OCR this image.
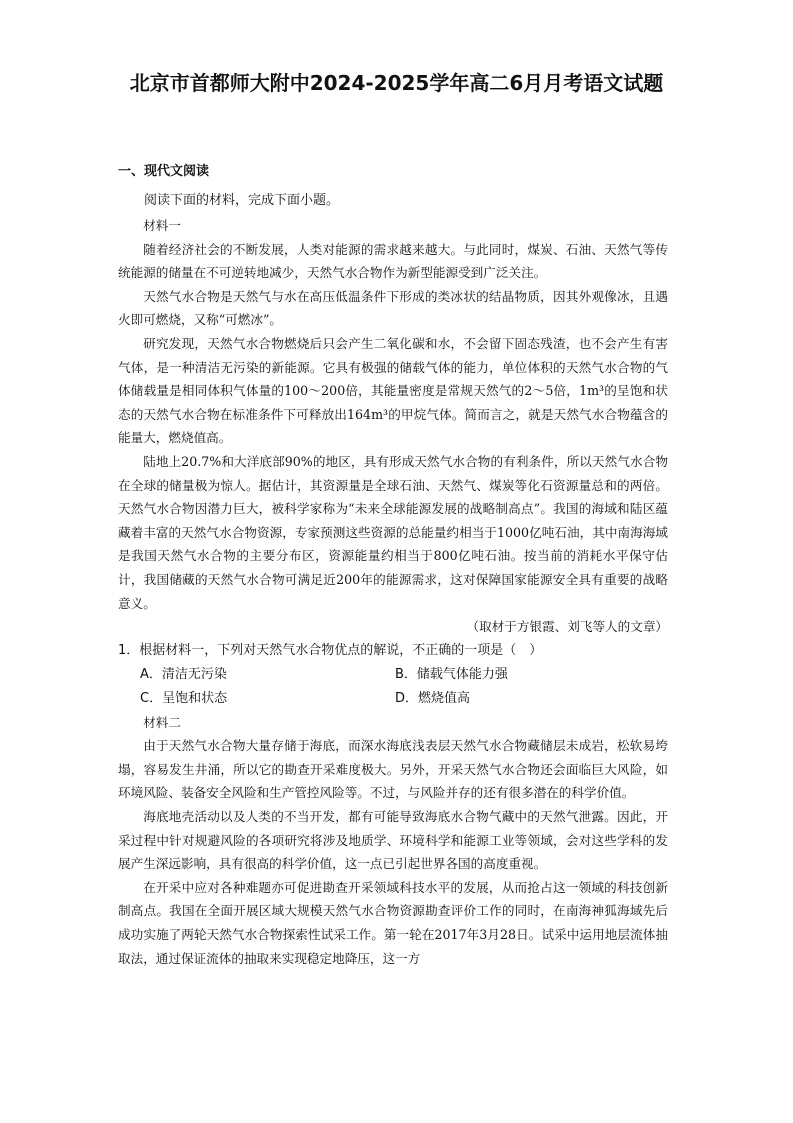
北京市首都师大附中2024-2025学年高二6月月考语文试题
一、现代文阅读

阅读下面的材料，完成下面小题。

材料一

随着经济社会的不断发展，人类对能源的需求越来越大。与此同时，煤炭、石油、天然气等传统能源的储量在不可逆转地减少，天然气水合物作为新型能源受到广泛关注。

天然气水合物是天然气与水在高压低温条件下形成的类冰状的结晶物质，因其外观像冰，且遇火即可燃烧，又称“可燃冰”。

研究发现，天然气水合物燃烧后只会产生二氧化碳和水，不会留下固态残渣，也不会产生有害气体，是一种清洁无污染的新能源。它具有极强的储载气体的能力，单位体积的天然气水合物的气体储载量是相同体积气体量的100～200倍，其能量密度是常规天然气的2～5倍，1m³的呈饱和状态的天然气水合物在标准条件下可释放出164m³的甲烷气体。简而言之，就是天然气水合物蕴含的能量大，燃烧值高。

陆地上20.7%和大洋底部90%的地区，具有形成天然气水合物的有利条件，所以天然气水合物在全球的储量极为惊人。据估计，其资源量是全球石油、天然气、煤炭等化石资源量总和的两倍。天然气水合物因潜力巨大，被科学家称为“未来全球能源发展的战略制高点”。我国的海域和陆区蕴藏着丰富的天然气水合物资源，专家预测这些资源的总能量约相当于1000亿吨石油，其中南海海域是我国天然气水合物的主要分布区，资源能量约相当于800亿吨石油。按当前的消耗水平保守估计，我国储藏的天然气水合物可满足近200年的能源需求，这对保障国家能源安全具有重要的战略意义。

（取材于方银霞、刘飞等人的文章）

1．根据材料一，下列对天然气水合物优点的解说，不正确的一项是（　）

A．清洁无污染	B．储载气体能力强
C．呈饱和状态	D．燃烧值高

材料二

由于天然气水合物大量存储于海底，而深水海底浅表层天然气水合物藏储层未成岩，松软易垮塌，容易发生井涌，所以它的勘查开采难度极大。另外，开采天然气水合物还会面临巨大风险，如环境风险、装备安全风险和生产管控风险等。不过，与风险并存的还有很多潜在的科学价值。

海底地壳活动以及人类的不当开发，都有可能导致海底水合物气藏中的天然气泄露。因此，开采过程中针对规避风险的各项研究将涉及地质学、环境科学和能源工业等领域，会对这些学科的发展产生深远影响，具有很高的科学价值，这一点已引起世界各国的高度重视。

在开采中应对各种难题亦可促进勘查开采领域科技水平的发展，从而抢占这一领域的科技创新制高点。我国在全面开展区域大规模天然气水合物资源勘查评价工作的同时，在南海神狐海域先后成功实施了两轮天然气水合物探索性试采工作。第一轮在2017年3月28日。试采中运用地层流体抽取法，通过保证流体的抽取来实现稳定地降压，这一方
